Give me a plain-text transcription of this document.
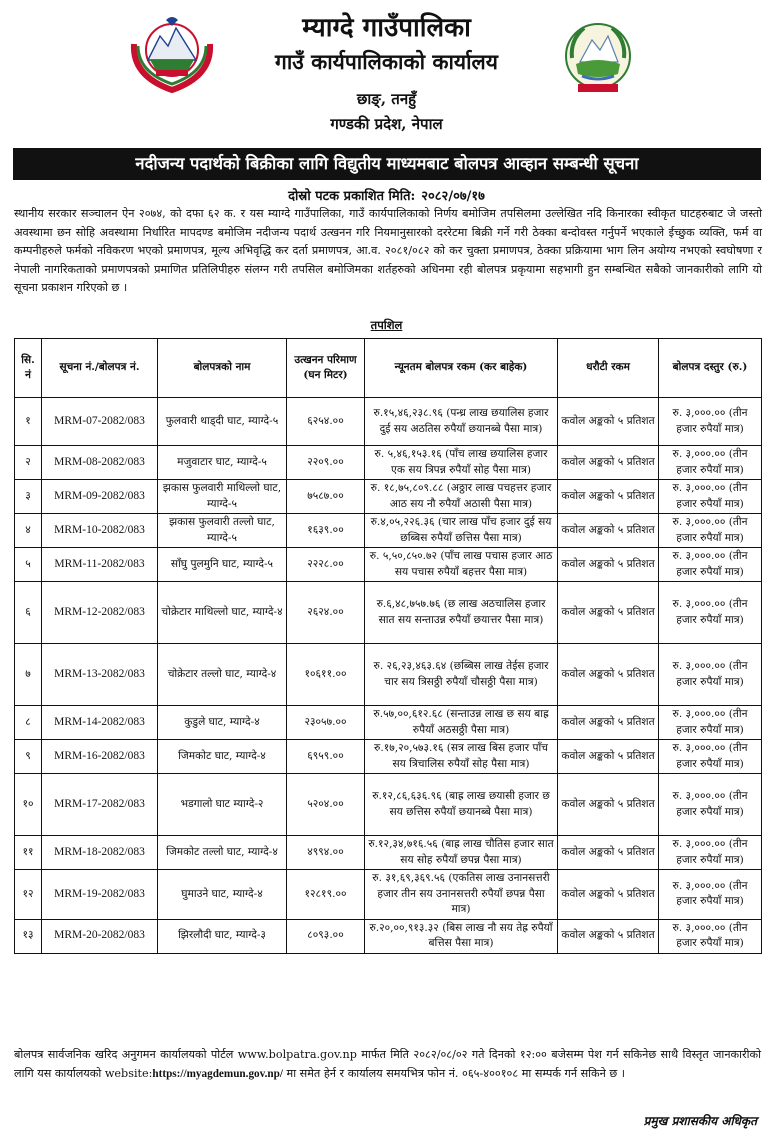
म्याग्दे गाउँपालिका
गाउँ कार्यपालिकाको कार्यालय
छाङ्, तनहुँ
गण्डकी प्रदेश, नेपाल
नदीजन्य पदार्थको बिक्रीका लागि विद्युतीय माध्यमबाट बोलपत्र आव्हान सम्बन्धी सूचना
दोस्रो पटक प्रकाशित मिति: २०८२/०७/१७

स्थानीय सरकार सञ्चालन ऐन २०७४, को दफा ६२ क. र यस म्याग्दे गाउँपालिका, गाउँ कार्यपालिकाको निर्णय बमोजिम तपसिलमा उल्लेखित नदि किनारका स्वीकृत घाटहरुबाट जे जस्तो अवस्थामा छन सोहि अवस्थामा निर्धारित मापदण्ड बमोजिम नदीजन्य पदार्थ उत्खनन गरि नियमानुसारको दररेटमा बिक्री गर्ने गरी ठेक्का बन्दोवस्त गर्नुपर्ने भएकाले ईच्छुक व्यक्ति, फर्म वा कम्पनीहरुले फर्मको नविकरण भएको प्रमाणपत्र, मूल्य अभिवृद्धि कर दर्ता प्रमाणपत्र, आ.व. २०८१/०८२ को कर चुक्ता प्रमाणपत्र, ठेक्का प्रक्रियामा भाग लिन अयोग्य नभएको स्वघोषणा र नेपाली नागरिकताको प्रमाणपत्रको प्रमाणित प्रतिलिपीहरु संलग्न गरी तपसिल बमोजिमका शर्तहरुको अधिनमा रही बोलपत्र प्रकृयामा सहभागी हुन सम्बन्धित सबैको जानकारीको लागि यो सूचना प्रकाशन गरिएको छ ।

तपशिल
सि. नं	सूचना नं./बोलपत्र नं.	बोलपत्रको नाम	उत्खनन परिमाण (घन मिटर)	न्यूनतम बोलपत्र रकम (कर बाहेक)	धरौटी रकम	बोलपत्र दस्तुर (रु.)
१	MRM-07-2082/083	फुलवारी थाड्दी घाट, म्याग्दे-५	६२५४.००	रु.१५,४६,२३८.९६ (पन्ध्र लाख छयालिस हजार दुई सय अठतिस रुपैयाँ छयानब्बे पैसा मात्र)	कवोल अङ्कको ५ प्रतिशत	रु. ३,०००.०० (तीन हजार रुपैयाँ मात्र)
२	MRM-08-2082/083	मजुवाटार घाट, म्याग्दे-५	२२०९.००	रु. ५,४६,१५३.१६ (पाँच लाख छयालिस हजार एक सय त्रिपन्न रुपैयाँ सोह पैसा मात्र)	कवोल अङ्कको ५ प्रतिशत	रु. ३,०००.०० (तीन हजार रुपैयाँ मात्र)
३	MRM-09-2082/083	झकास फुलवारी माथिल्लो घाट, म्याग्दे-५	७५८७.००	रु. १८,७५,८०९.८८ (अठ्ठार लाख पचहत्तर हजार आठ सय नौ रुपैयाँ अठासी पैसा मात्र)	कवोल अङ्कको ५ प्रतिशत	रु. ३,०००.०० (तीन हजार रुपैयाँ मात्र)
४	MRM-10-2082/083	झकास फुलवारी तल्लो घाट, म्याग्दे-५	१६३९.००	रु.४,०५,२२६.३६ (चार लाख पाँच हजार दुई सय छब्बिस रुपैयाँ छत्तिस पैसा मात्र)	कवोल अङ्कको ५ प्रतिशत	रु. ३,०००.०० (तीन हजार रुपैयाँ मात्र)
५	MRM-11-2082/083	साँघु पुलमुनि घाट, म्याग्दे-५	२२२८.००	रु. ५,५०,८५०.७२ (पाँच लाख पचास हजार आठ सय पचास रुपैयाँ बहत्तर पैसा मात्र)	कवोल अङ्कको ५ प्रतिशत	रु. ३,०००.०० (तीन हजार रुपैयाँ मात्र)
६	MRM-12-2082/083	चोक्रेटार माथिल्लो घाट, म्याग्दे-४	२६२४.००	रु.६,४८,७५७.७६ (छ लाख अठचालिस हजार सात सय सन्ताउन्न रुपैयाँ छयात्तर पैसा मात्र)	कवोल अङ्कको ५ प्रतिशत	रु. ३,०००.०० (तीन हजार रुपैयाँ मात्र)
७	MRM-13-2082/083	चोक्रेटार तल्लो घाट, म्याग्दे-४	१०६११.००	रु. २६,२३,४६३.६४ (छब्बिस लाख तेईस हजार चार सय त्रिसठ्ठी रुपैयाँ चौसठ्ठी पैसा मात्र)	कवोल अङ्कको ५ प्रतिशत	रु. ३,०००.०० (तीन हजार रुपैयाँ मात्र)
८	MRM-14-2082/083	कुडुले घाट, म्याग्दे-४	२३०५७.००	रु.५७,००,६१२.६८ (सन्ताउन्न लाख छ सय बाह्र रुपैयाँ अठसठ्ठी पैसा मात्र)	कवोल अङ्कको ५ प्रतिशत	रु. ३,०००.०० (तीन हजार रुपैयाँ मात्र)
९	MRM-16-2082/083	जिमकोट घाट, म्याग्दे-४	६९५९.००	रु.१७,२०,५७३.१६ (सत्र लाख बिस हजार पाँच सय त्रिचालिस रुपैयाँ सोह पैसा मात्र)	कवोल अङ्कको ५ प्रतिशत	रु. ३,०००.०० (तीन हजार रुपैयाँ मात्र)
१०	MRM-17-2082/083	भडगालो घाट म्याग्दे-२	५२०४.००	रु.१२,८६,६३६.९६ (बाह्र लाख छयासी हजार छ सय छत्तिस रुपैयाँ छयानब्बे पैसा मात्र)	कवोल अङ्कको ५ प्रतिशत	रु. ३,०००.०० (तीन हजार रुपैयाँ मात्र)
११	MRM-18-2082/083	जिमकोट तल्लो घाट, म्याग्दे-४	४९९४.००	रु.१२,३४,७१६.५६ (बाह्र लाख चौतिस हजार सात सय सोह रुपैयाँ छपन्न पैसा मात्र)	कवोल अङ्कको ५ प्रतिशत	रु. ३,०००.०० (तीन हजार रुपैयाँ मात्र)
१२	MRM-19-2082/083	घुमाउने घाट, म्याग्दे-४	१२८१९.००	रु. ३१,६९,३६९.५६ (एकतिस लाख उनानसत्तरी हजार तीन सय उनानसत्तरी रुपैयाँ छपन्न पैसा मात्र)	कवोल अङ्कको ५ प्रतिशत	रु. ३,०००.०० (तीन हजार रुपैयाँ मात्र)
१३	MRM-20-2082/083	झिरलौदी घाट, म्याग्दे-३	८०९३.००	रु.२०,००,९१३.३२ (बिस लाख नौ सय तेह्र रुपैयाँ बत्तिस पैसा मात्र)	कवोल अङ्कको ५ प्रतिशत	रु. ३,०००.०० (तीन हजार रुपैयाँ मात्र)

बोलपत्र सार्वजनिक खरिद अनुगमन कार्यालयको पोर्टल www.bolpatra.gov.np मार्फत मिति २०८२/०८/०२ गते दिनको १२:०० बजेसम्म पेश गर्न सकिनेछ साथै विस्तृत जानकारीको लागि यस कार्यालयको website:https://myagdemun.gov.np/ मा समेत हेर्न र कार्यालय समयभित्र फोन नं. ०६५-४००१०८ मा सम्पर्क गर्न सकिने छ ।

प्रमुख प्रशासकीय अधिकृत
